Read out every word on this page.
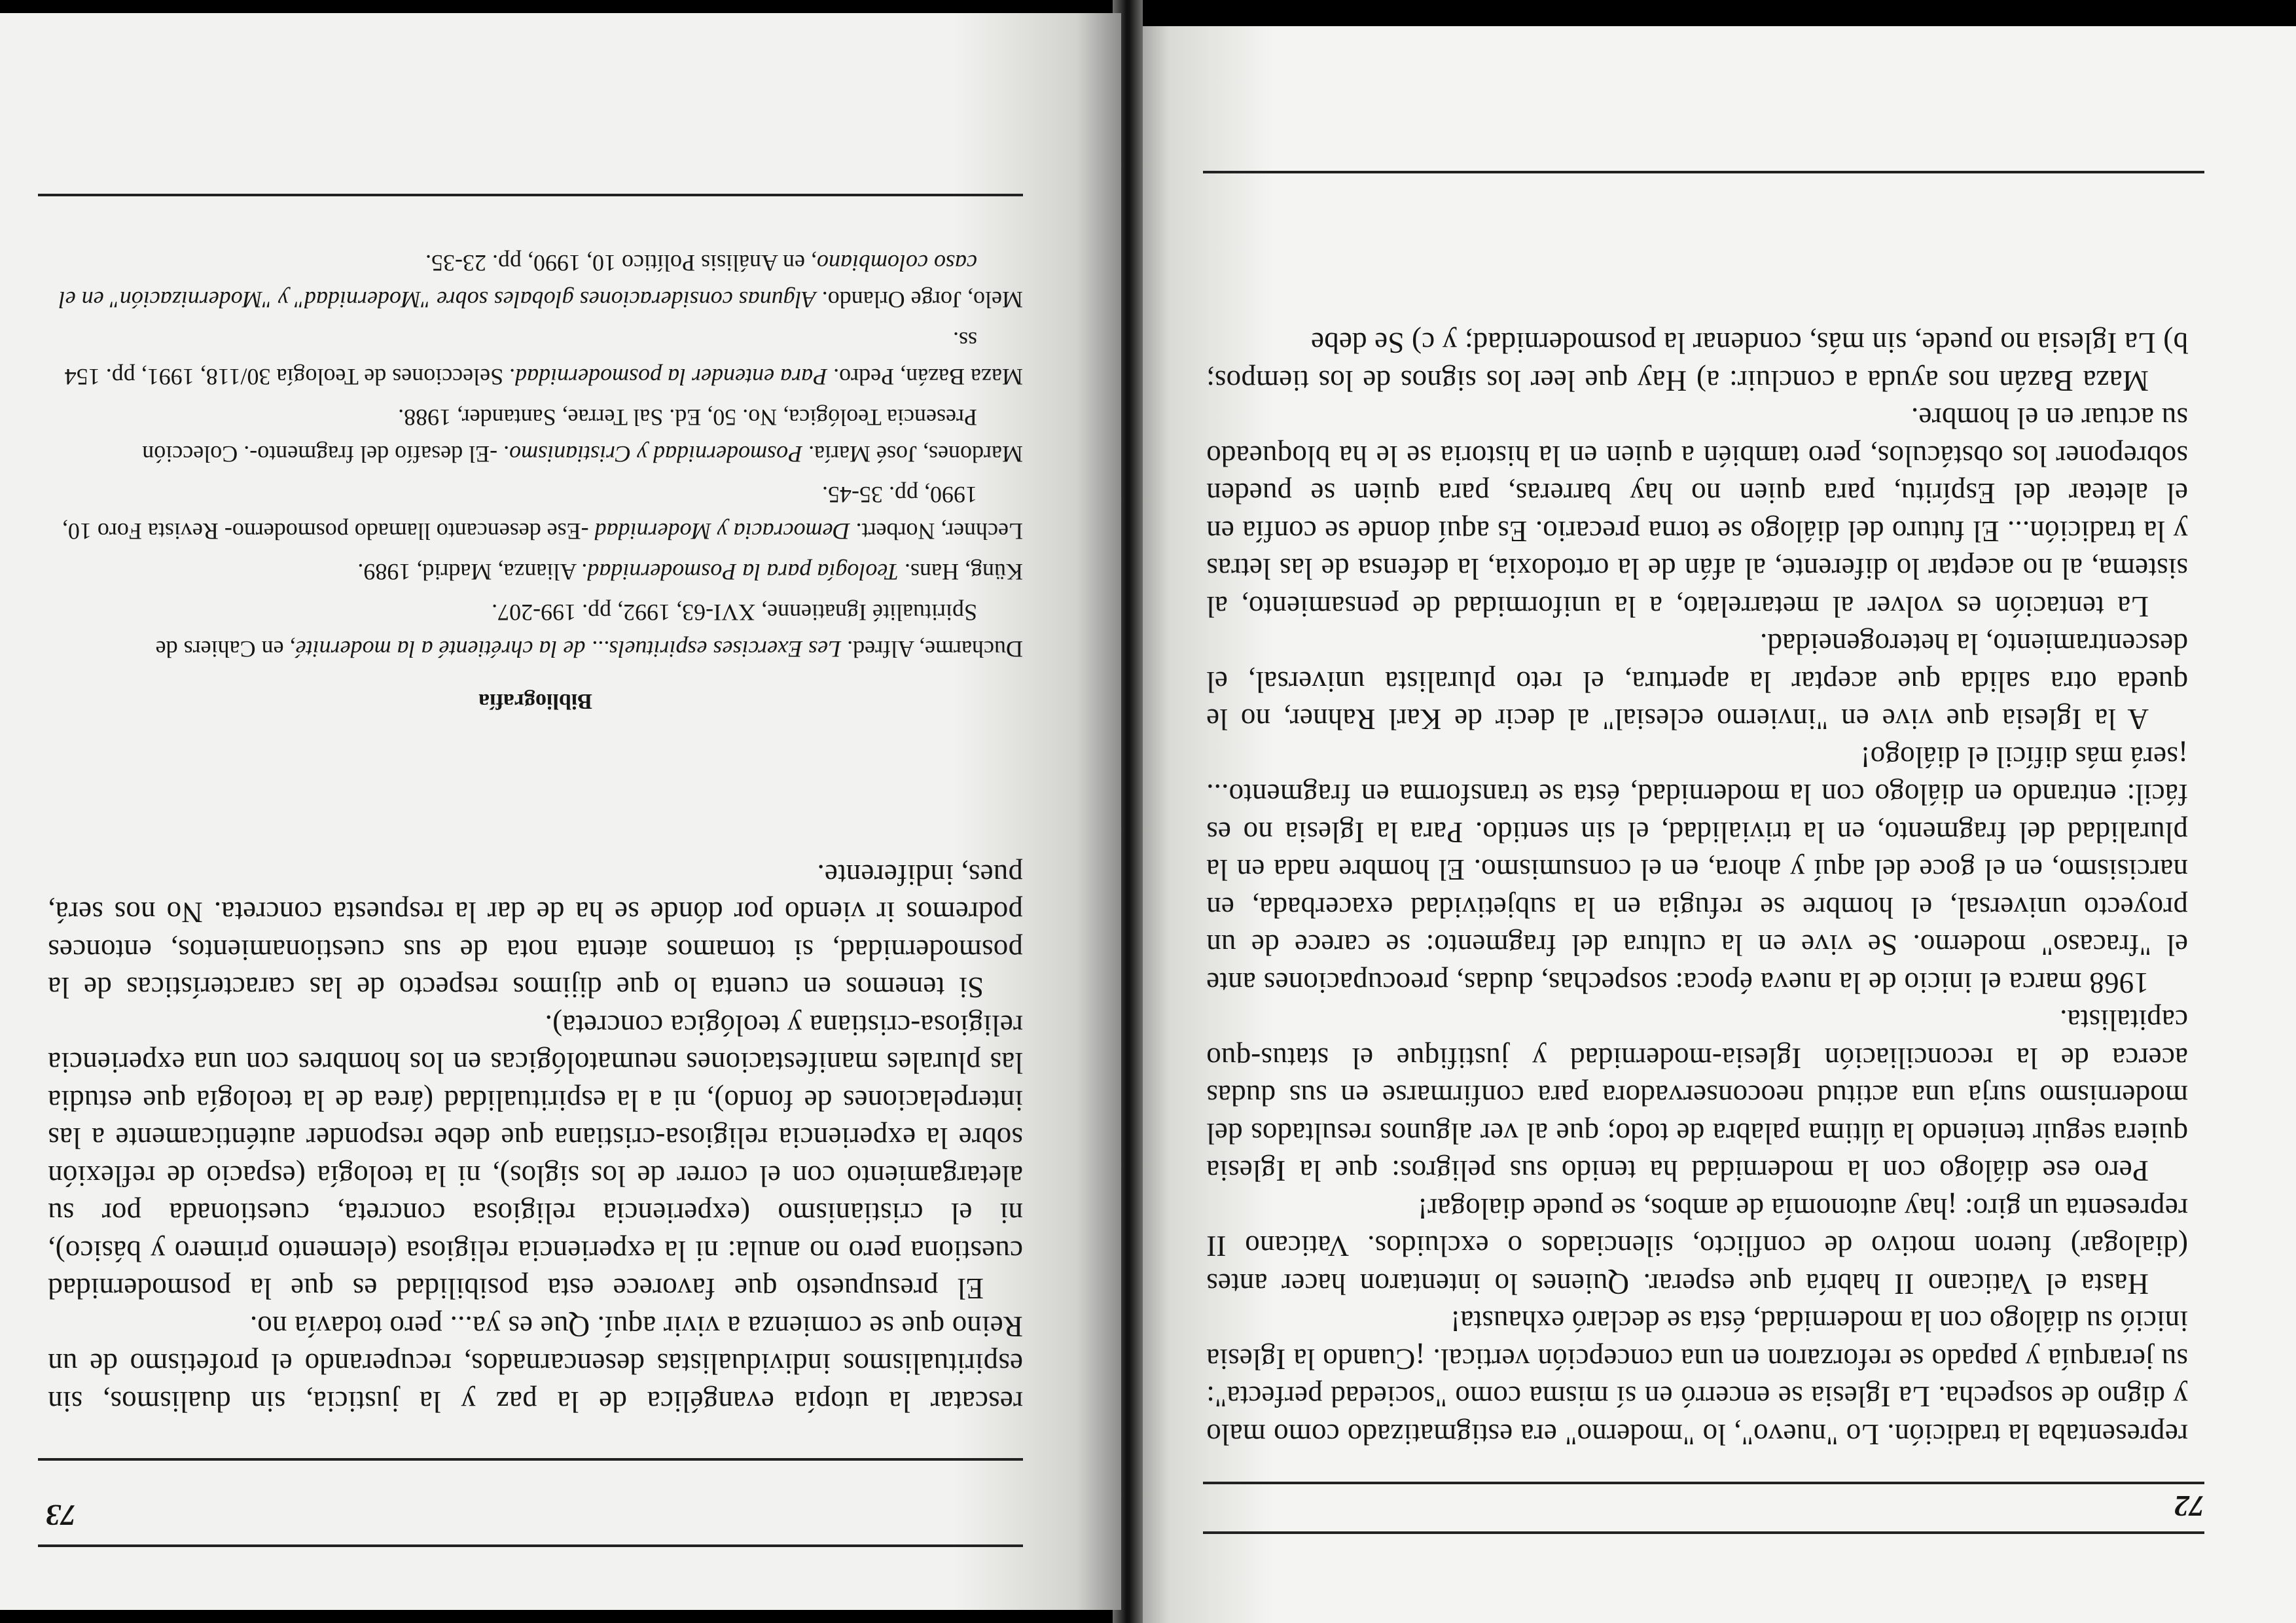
72

representaba la tradición. Lo "nuevo", lo "moderno" era estigmatizado como malo y digno de sospecha. La Iglesia se encerró en sí misma como "sociedad perfecta": su jerarquía y papado se reforzaron en una concepción vertical. ¡Cuando la Iglesia inició su diálogo con la modernidad, ésta se declaró exhausta!

Hasta el Vaticano II habría que esperar. Quienes lo intentaron hacer antes (dialogar) fueron motivo de conflicto, silenciados o excluidos. Vaticano II representa un giro: ¡hay autonomía de ambos, se puede dialogar!

Pero ese diálogo con la modernidad ha tenido sus peligros: que la Iglesia quiera seguir teniendo la última palabra de todo; que al ver algunos resultados del modernismo surja una actitud neoconservadora para confirmarse en sus dudas acerca de la reconciliación Iglesia-modernidad y justifique el status-quo capitalista.

1968 marca el inicio de la nueva época: sospechas, dudas, preocupaciones ante el "fracaso" moderno. Se vive en la cultura del fragmento: se carece de un proyecto universal, el hombre se refugia en la subjetividad exacerbada, en narcisismo, en el goce del aquí y ahora, en el consumismo. El hombre nada en la pluralidad del fragmento, en la trivialidad, el sin sentido. Para la Iglesia no es fácil: entrando en diálogo con la modernidad, ésta se transforma en fragmento... ¡será más difícil el diálogo!

A la Iglesia que vive en "invierno eclesial" al decir de Karl Rahner, no le queda otra salida que aceptar la apertura, el reto pluralista universal, el descentramiento, la heterogeneidad.

La tentación es volver al metarrelato, a la uniformidad de pensamiento, al sistema, al no aceptar lo diferente, al afán de la ortodoxia, la defensa de las letras y la tradición... El futuro del diálogo se torna precario. Es aquí donde se confía en el aletear del Espíritu, para quien no hay barreras, para quien se pueden sobreponer los obstáculos, pero también a quien en la historia se le ha bloqueado su actuar en el hombre.

Maza Bazán nos ayuda a concluir: a) Hay que leer los signos de los tiempos; b) La Iglesia no puede, sin más, condenar la posmodernidad; y c) Se debe

73

rescatar la utopía evangélica de la paz y la justicia, sin dualismos, sin espiritualismos individualistas desencarnados, recuperando el profetismo de un Reino que se comienza a vivir aquí. Que es ya... pero todavía no.

El presupuesto que favorece esta posibilidad es que la posmodernidad cuestiona pero no anula: ni la experiencia religiosa (elemento primero y básico), ni el cristianismo (experiencia religiosa concreta, cuestionada por su aletargamiento con el correr de los siglos), ni la teología (espacio de reflexión sobre la experiencia religiosa-cristiana que debe responder auténticamente a las interpelaciones de fondo), ni a la espiritualidad (área de la teología que estudia las plurales manifestaciones neumatológicas en los hombres con una experiencia religiosa-cristiana y teológica concreta).

Si tenemos en cuenta lo que dijimos respecto de las características de la posmodernidad, si tomamos atenta nota de sus cuestionamientos, entonces podremos ir viendo por dónde se ha de dar la respuesta concreta. No nos será, pues, indiferente.

Bibliografía

Ducharme, Alfred. Les Exercises espirituels... de la chrétienté a la modernité, en Cahiers de Spiritualité Ignatienne, XVI-63, 1992, pp. 199-207.

Küng, Hans. Teología para la Posmodernidad. Alianza, Madrid, 1989.

Lechner, Norbert. Democracia y Modernidad -Ese desencanto llamado posmoderno- Revista Foro 10, 1990, pp. 35-45.

Mardones, José María. Posmodernidad y Cristianismo. -El desafío del fragmento-. Colección Presencia Teológica, No. 50, Ed. Sal Terrae, Santander, 1988.

Maza Bazán, Pedro. Para entender la posmodernidad. Selecciones de Teología 30/118, 1991, pp. 154 ss.

Melo, Jorge Orlando. Algunas consideraciones globales sobre "Modernidad" y "Modernización" en el caso colombiano, en Análisis Político 10, 1990, pp. 23-35.
